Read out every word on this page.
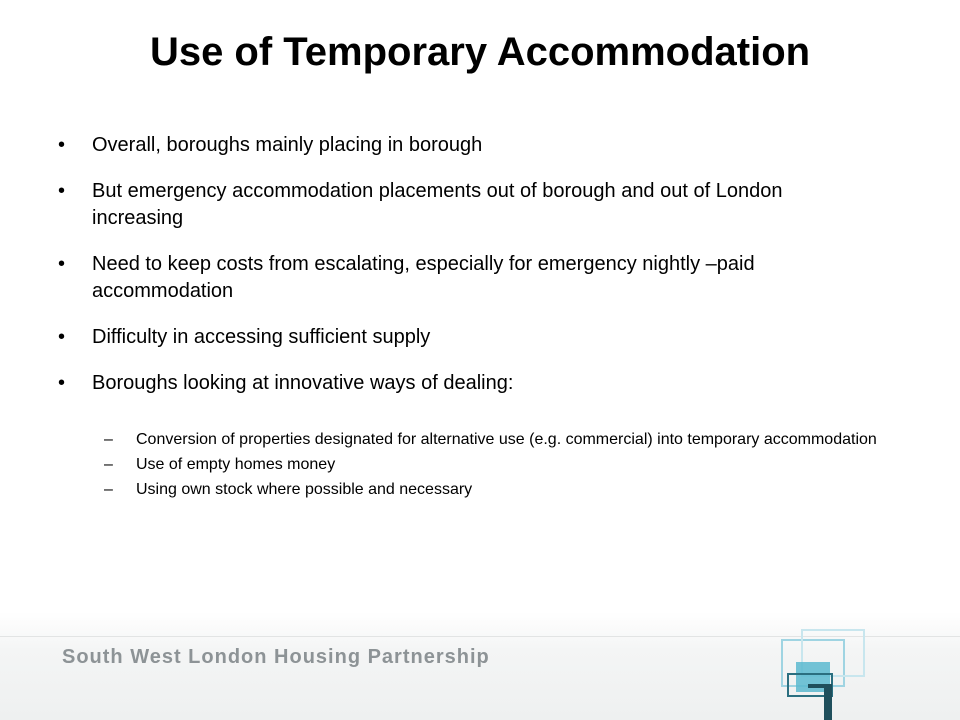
Use of Temporary Accommodation
•	Overall, boroughs mainly placing in borough
•	But emergency accommodation placements out of borough and out of London increasing
•	Need to keep costs from escalating, especially for emergency nightly –paid accommodation
•	Difficulty in accessing sufficient supply
•	Boroughs looking at innovative ways of dealing:
– Conversion of properties designated for alternative use (e.g. commercial) into temporary accommodation
– Use of empty homes money
– Using own stock where possible and necessary
South West London Housing Partnership
